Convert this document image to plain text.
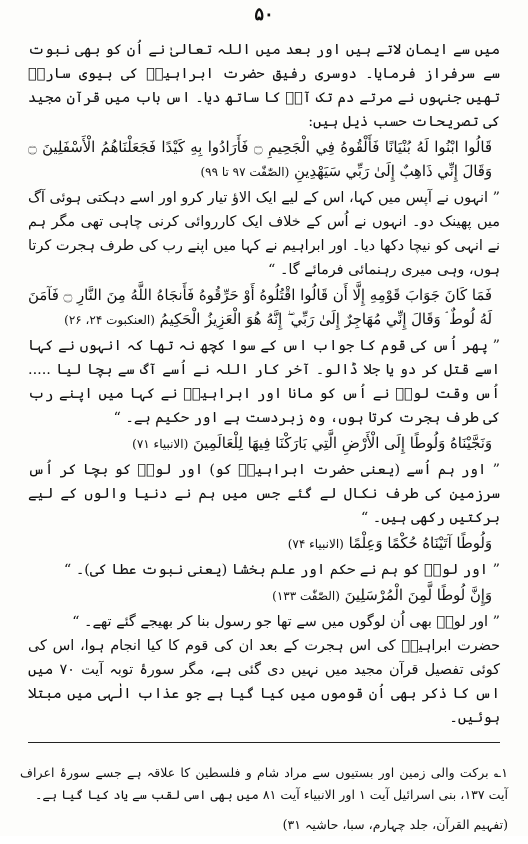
۵۰

میں سے ایمان لاتے ہیں اور بعد میں اللہ تعالیٰ نے اُن کو بھی نبوت سے سرفراز فرمایا۔ دوسری رفیق حضرت ابراہیمؑ کی بیوی سارہؑ تھیں جنہوں نے مرتے دم تک آپؑ کا ساتھ دیا۔ اس باب میں قرآن مجید کی تصریحات حسب ذیل ہیں:

قَالُوا ابْنُوا لَهُ بُنْيَانًا فَأَلْقُوهُ فِي الْجَحِيمِ ۝ فَأَرَادُوا بِهِ كَيْدًا فَجَعَلْنَاهُمُ الْأَسْفَلِينَ ۝ وَقَالَ إِنِّي ذَاهِبٌ إِلَىٰ رَبِّي سَيَهْدِينِ (الصّٰفّٰت ۹۷ تا ۹۹)

” انہوں نے آپس میں کہا، اس کے لیے ایک الاؤ تیار کرو اور اسے دہکتی ہوئی آگ میں پھینک دو۔ انہوں نے اُس کے خلاف ایک کارروائی کرنی چاہی تھی مگر ہم نے انہی کو نیچا دکھا دیا۔ اور ابراہیم نے کہا میں اپنے رب کی طرف ہجرت کرتا ہوں، وہی میری رہنمائی فرمائے گا۔ “

فَمَا كَانَ جَوَابَ قَوْمِهِ إِلَّا أَن قَالُوا اقْتُلُوهُ أَوْ حَرِّقُوهُ فَأَنجَاهُ اللَّهُ مِنَ النَّارِ ۝ فَآمَنَ لَهُ لُوطٌ ۘ وَقَالَ إِنِّي مُهَاجِرٌ إِلَىٰ رَبِّي ۖ إِنَّهُ هُوَ الْعَزِيزُ الْحَكِيمُ (العنکبوت ۲۴، ۲۶)

” پھر اُس کی قوم کا جواب اس کے سوا کچھ نہ تھا کہ انہوں نے کہا اسے قتل کر دو یا جلا ڈالو۔ آخر کار اللہ نے اُسے آگ سے بچا لیا ..... اُس وقت لوطؑ نے اُس کو مانا اور ابراہیمؑ نے کہا میں اپنے رب کی طرف ہجرت کرتا ہوں، وہ زبردست ہے اور حکیم ہے۔ “

وَنَجَّيْنَاهُ وَلُوطًا إِلَى الْأَرْضِ الَّتِي بَارَكْنَا فِيهَا لِلْعَالَمِينَ (الانبیاء ۷۱)

” اور ہم اُسے (یعنی حضرت ابراہیمؑ کو) اور لوطؑ کو بچا کر اُس سرزمین کی طرف نکال لے گئے جس میں ہم نے دنیا والوں کے لیے برکتیں رکھی ہیں۔ “

وَلُوطًا آتَيْنَاهُ حُكْمًا وَعِلْمًا (الانبیاء ۷۴)

” اور لوطؑ کو ہم نے حکم اور علم بخشا (یعنی نبوت عطا کی)۔ “

وَإِنَّ لُوطًا لَّمِنَ الْمُرْسَلِينَ (الصّٰفّٰت ۱۳۳)

” اور لوطؑ بھی اُن لوگوں میں سے تھا جو رسول بنا کر بھیجے گئے تھے۔ “

حضرت ابراہیمؑ کی اس ہجرت کے بعد ان کی قوم کا کیا انجام ہوا، اس کی کوئی تفصیل قرآن مجید میں نہیں دی گئی ہے، مگر سورۂ توبہ آیت ۷۰ میں اس کا ذکر بھی اُن قوموں میں کیا گیا ہے جو عذاب الٰہی میں مبتلا ہوئیں۔

۱؎ برکت والی زمین اور بستیوں سے مراد شام و فلسطین کا علاقہ ہے جسے سورۂ اعراف آیت ۱۳۷، بنی اسرائیل آیت ۱ اور الانبیاء آیت ۸۱ میں بھی اسی لقب سے یاد کیا گیا ہے۔

(تفہیم القرآن، جلد چہارم، سبا، حاشیہ ۳۱)
